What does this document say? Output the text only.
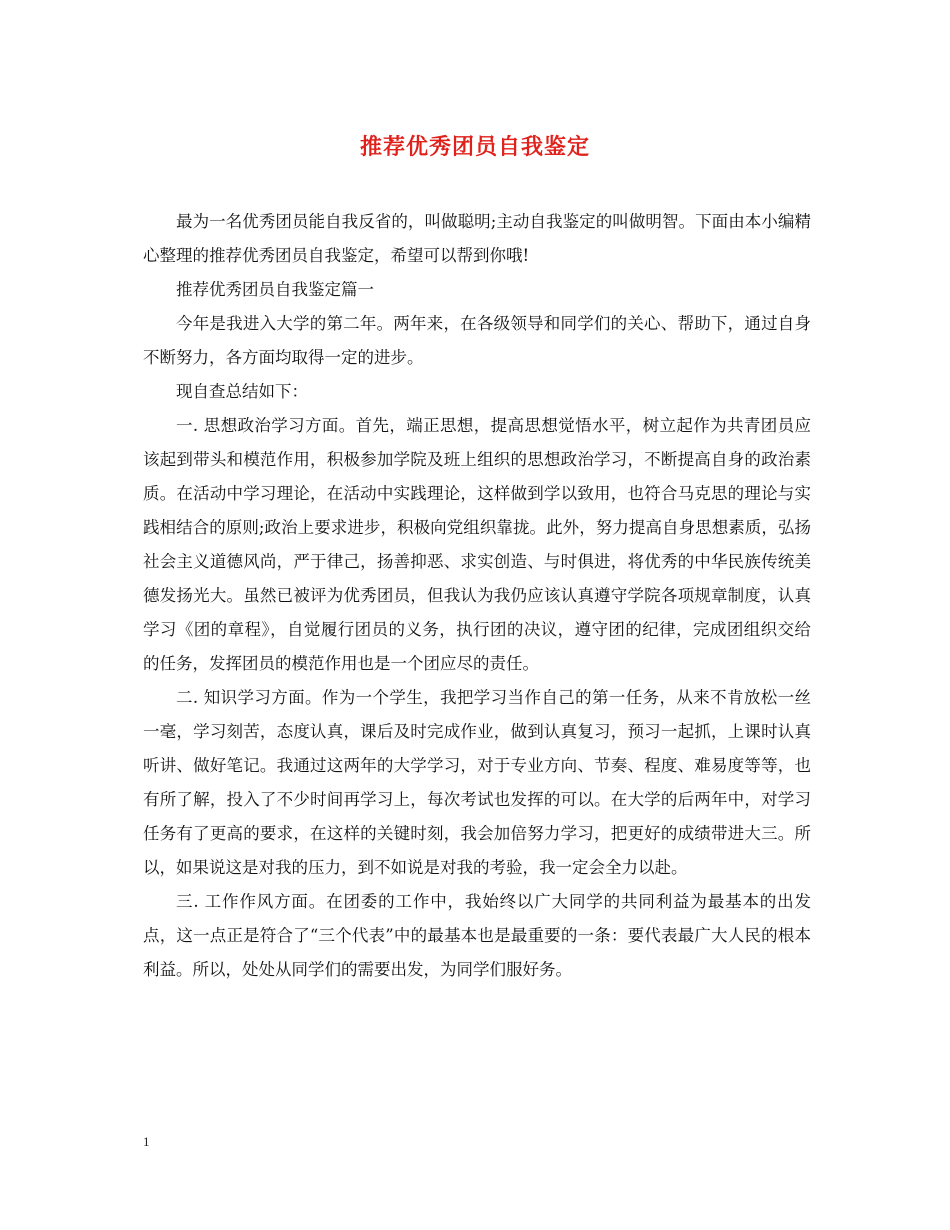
推荐优秀团员自我鉴定

最为一名优秀团员能自我反省的，叫做聪明;主动自我鉴定的叫做明智。下面由本小编精心整理的推荐优秀团员自我鉴定，希望可以帮到你哦!

推荐优秀团员自我鉴定篇一

今年是我进入大学的第二年。两年来，在各级领导和同学们的关心、帮助下，通过自身不断努力，各方面均取得一定的进步。

现自查总结如下：

一. 思想政治学习方面。首先，端正思想，提高思想觉悟水平，树立起作为共青团员应该起到带头和模范作用，积极参加学院及班上组织的思想政治学习，不断提高自身的政治素质。在活动中学习理论，在活动中实践理论，这样做到学以致用，也符合马克思的理论与实践相结合的原则;政治上要求进步，积极向党组织靠拢。此外，努力提高自身思想素质，弘扬社会主义道德风尚，严于律己，扬善抑恶、求实创造、与时俱进，将优秀的中华民族传统美德发扬光大。虽然已被评为优秀团员，但我认为我仍应该认真遵守学院各项规章制度，认真学习《团的章程》，自觉履行团员的义务，执行团的决议，遵守团的纪律，完成团组织交给的任务，发挥团员的模范作用也是一个团应尽的责任。

二. 知识学习方面。作为一个学生，我把学习当作自己的第一任务，从来不肯放松一丝一毫，学习刻苦，态度认真，课后及时完成作业，做到认真复习，预习一起抓，上课时认真听讲、做好笔记。我通过这两年的大学学习，对于专业方向、节奏、程度、难易度等等，也有所了解，投入了不少时间再学习上，每次考试也发挥的可以。在大学的后两年中，对学习任务有了更高的要求，在这样的关键时刻，我会加倍努力学习，把更好的成绩带进大三。所以，如果说这是对我的压力，到不如说是对我的考验，我一定会全力以赴。

三. 工作作风方面。在团委的工作中，我始终以广大同学的共同利益为最基本的出发点，这一点正是符合了“三个代表”中的最基本也是最重要的一条：要代表最广大人民的根本利益。所以，处处从同学们的需要出发，为同学们服好务。

1
